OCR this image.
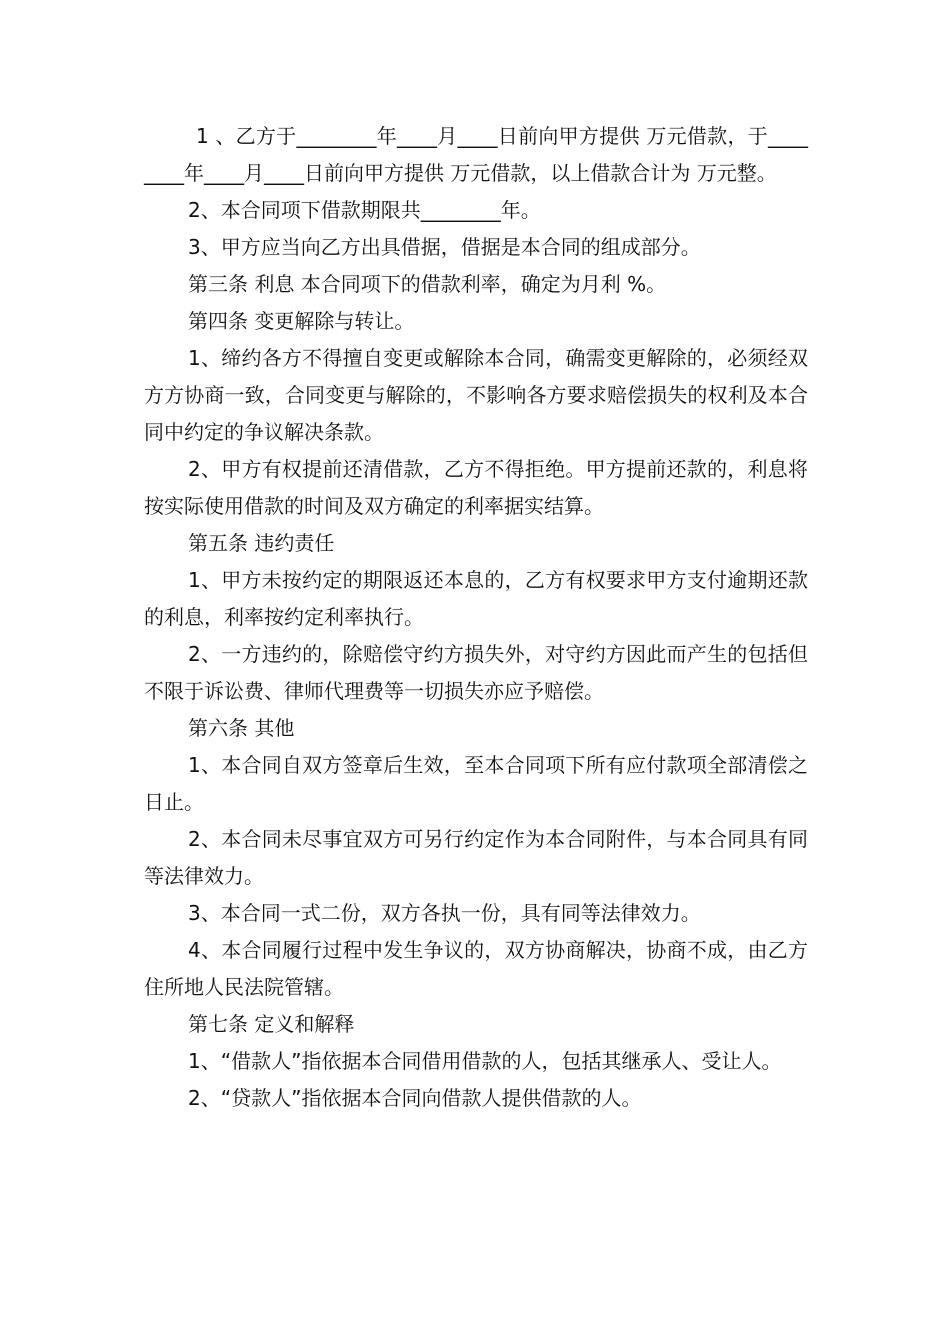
1 、乙方于________年____月____日前向甲方提供 万元借款，于________年____月____日前向甲方提供 万元借款，以上借款合计为 万元整。

2、本合同项下借款期限共________年。

3、甲方应当向乙方出具借据，借据是本合同的组成部分。

第三条 利息 本合同项下的借款利率，确定为月利 %。

第四条 变更解除与转让。

1、缔约各方不得擅自变更或解除本合同，确需变更解除的，必须经双方方协商一致，合同变更与解除的，不影响各方要求赔偿损失的权利及本合同中约定的争议解决条款。

2、甲方有权提前还清借款，乙方不得拒绝。甲方提前还款的，利息将按实际使用借款的时间及双方确定的利率据实结算。

第五条 违约责任

1、甲方未按约定的期限返还本息的，乙方有权要求甲方支付逾期还款的利息，利率按约定利率执行。

2、一方违约的，除赔偿守约方损失外，对守约方因此而产生的包括但不限于诉讼费、律师代理费等一切损失亦应予赔偿。

第六条 其他

1、本合同自双方签章后生效，至本合同项下所有应付款项全部清偿之日止。

2、本合同未尽事宜双方可另行约定作为本合同附件，与本合同具有同等法律效力。

3、本合同一式二份，双方各执一份，具有同等法律效力。

4、本合同履行过程中发生争议的，双方协商解决，协商不成，由乙方住所地人民法院管辖。

第七条 定义和解释

1、“借款人”指依据本合同借用借款的人，包括其继承人、受让人。

2、“贷款人”指依据本合同向借款人提供借款的人。
